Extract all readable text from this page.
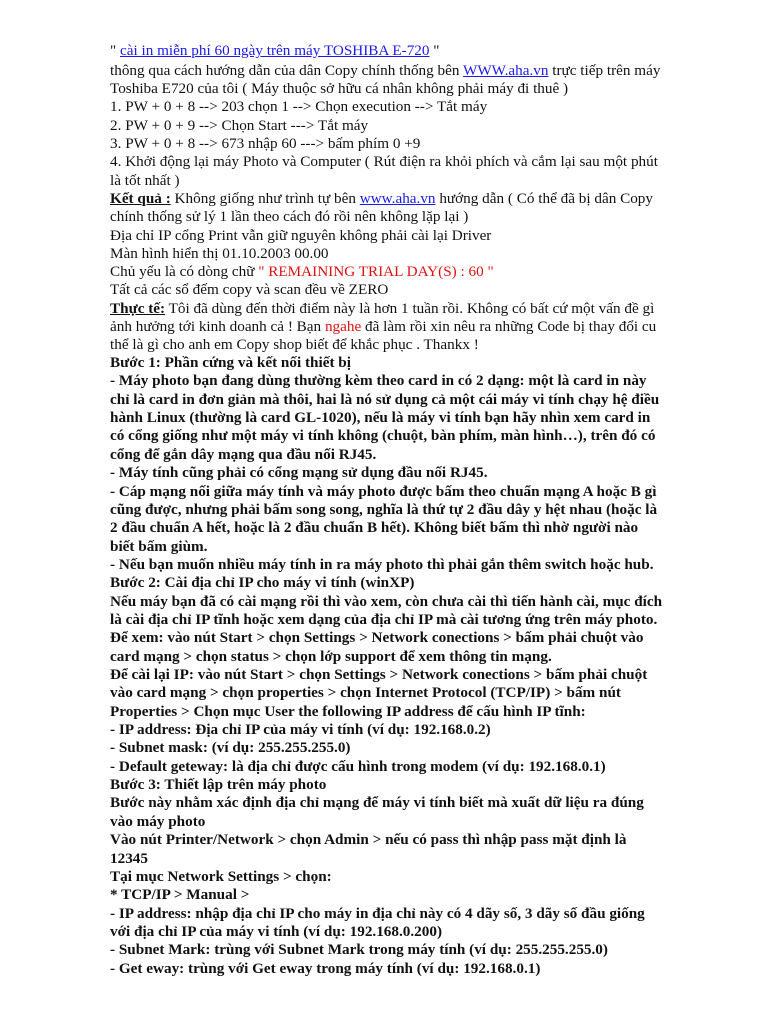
" cài in miễn phí 60 ngày trên máy TOSHIBA E-720 "
thông qua cách hướng dẫn của dân Copy chính thống bên WWW.aha.vn trực tiếp trên máy
Toshiba E720 của tôi ( Máy thuộc sở hữu cá nhân không phải máy đi thuê )
1. PW + 0 + 8 --> 203 chọn 1 --> Chọn execution --> Tắt máy
2. PW + 0 + 9 --> Chọn Start ---> Tắt máy
3. PW + 0 + 8 --> 673 nhập 60 ---> bấm phím 0 +9
4. Khởi động lại máy Photo và Computer ( Rút điện ra khỏi phích và cắm lại sau một phút
là tốt nhất )
Kết quả : Không giống như trình tự bên www.aha.vn hướng dẫn ( Có thể đã bị dân Copy
chính thống sử lý 1 lần theo cách đó rồi nên không lặp lại )
Địa chỉ IP cổng Print vẫn giữ nguyên không phải cài lại Driver
Màn hình hiển thị 01.10.2003 00.00
Chủ yếu là có dòng chữ " REMAINING TRIAL DAY(S) : 60 "
Tất cả các sổ đếm copy và scan đều về ZERO
Thực tế: Tôi đã dùng đến thời điểm này là hơn 1 tuần rồi. Không có bất cứ một vấn đề gì
ảnh hưởng tới kinh doanh cả ! Bạn ngahe đã làm rồi xin nêu ra những Code bị thay đổi cu
thể là gì cho anh em Copy shop biết để khắc phục . Thankx !
Bước 1: Phần cứng và kết nối thiết bị
- Máy photo bạn đang dùng thường kèm theo card in có 2 dạng: một là card in này
chỉ là card in đơn giản mà thôi, hai là nó sử dụng cả một cái máy vi tính chạy hệ điều
hành Linux (thường là card GL-1020), nếu là máy vi tính bạn hãy nhìn xem card in
có cổng giống như một máy vi tính không (chuột, bàn phím, màn hình…), trên đó có
cổng để gắn dây mạng qua đầu nối RJ45.
- Máy tính cũng phải có cổng mạng sử dụng đầu nối RJ45.
- Cáp mạng nối giữa máy tính và máy photo được bấm theo chuẩn mạng A hoặc B gì
cũng được, nhưng phải bấm song song, nghĩa là thứ tự 2 đầu dây y hệt nhau (hoặc là
2 đầu chuẩn A hết, hoặc là 2 đầu chuẩn B hết). Không biết bấm thì nhờ người nào
biết bấm giùm.
- Nếu bạn muốn nhiều máy tính in ra máy photo thì phải gắn thêm switch hoặc hub.
Bước 2: Cài địa chỉ IP cho máy vi tính (winXP)
Nếu máy bạn đã có cài mạng rồi thì vào xem, còn chưa cài thì tiến hành cài, mục đích
là cài địa chỉ IP tĩnh hoặc xem dạng của địa chỉ IP mà cài tương ứng trên máy photo.
Để xem: vào nút Start > chọn Settings > Network conections > bấm phải chuột vào
card mạng > chọn status > chọn lớp support để xem thông tin mạng.
Để cài lại IP: vào nút Start > chọn Settings > Network conections > bấm phải chuột
vào card mạng > chọn properties > chọn Internet Protocol (TCP/IP) > bấm nút
Properties > Chọn mục User the following IP address để cấu hình IP tĩnh:
- IP address: Địa chỉ IP của máy vi tính (ví dụ: 192.168.0.2)
- Subnet mask: (ví dụ: 255.255.255.0)
- Default geteway: là địa chỉ được cấu hình trong modem (ví dụ: 192.168.0.1)
Bước 3: Thiết lập trên máy photo
Bước này nhằm xác định địa chỉ mạng để máy vi tính biết mà xuất dữ liệu ra đúng
vào máy photo
Vào nút Printer/Network > chọn Admin > nếu có pass thì nhập pass mặt định là
12345
Tại mục Network Settings > chọn:
* TCP/IP > Manual >
- IP address: nhập địa chỉ IP cho máy in địa chỉ này có 4 dãy số, 3 dãy số đầu giống
với địa chỉ IP của máy vi tính (ví dụ: 192.168.0.200)
- Subnet Mark: trùng với Subnet Mark trong máy tính (ví dụ: 255.255.255.0)
- Get eway: trùng với Get eway trong máy tính (ví dụ: 192.168.0.1)
